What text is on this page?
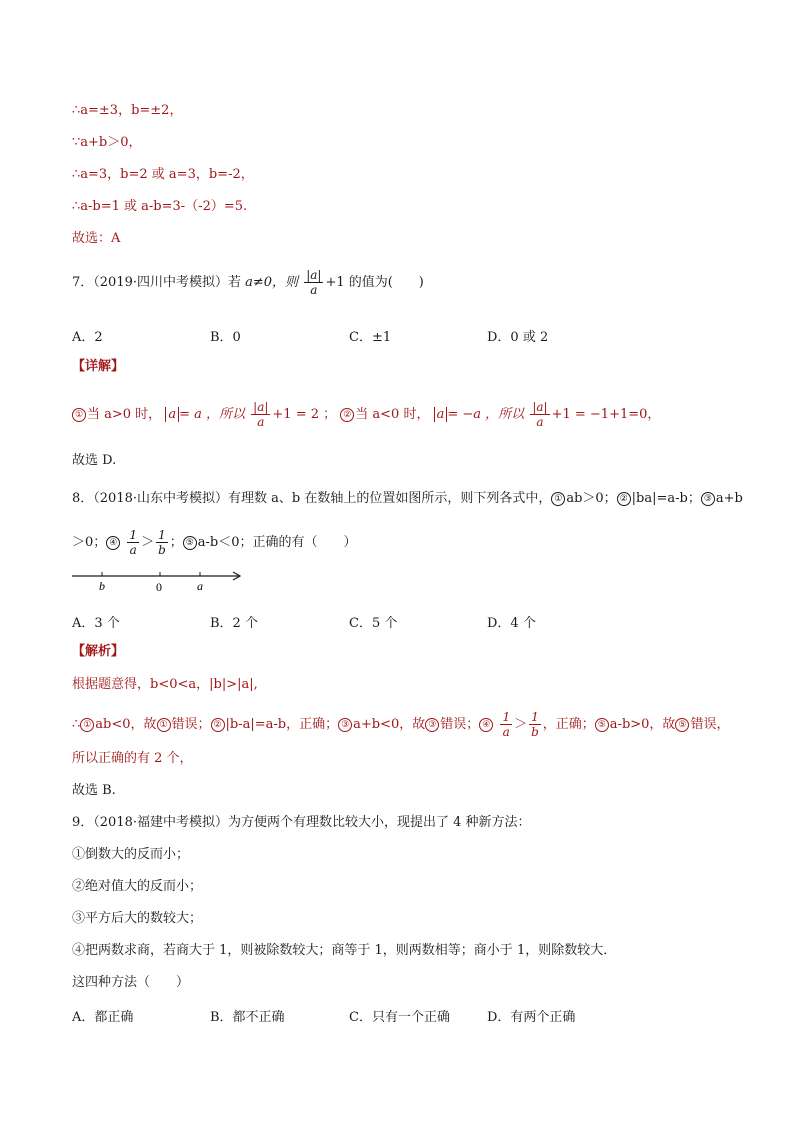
∴a=±3，b=±2，
∵a+b＞0，
∴a=3，b=2 或 a=3，b=-2，
∴a-b=1 或 a-b=3-（-2）=5.
故选：A
7．（2019·四川中考模拟）若 a≠0，则 $\frac{|a|}{a} +1$ 的值为(　　)
A．2	B．0	C．±1	D．0 或 2
【详解】
① 当 a>0 时， a = a ，所以 $\frac{|a|}{a} +1 = 2$ ； ② 当 a<0 时， a = −a ，所以 $\frac{|a|}{a} +1 = -1+1=0$，
故选 D.
8．（2018·山东中考模拟）有理数 a、b 在数轴上的位置如图所示，则下列各式中， ① ab＞0； ② |ba|=a-b； ③ a+b
＞0； ④ $\frac{1}{a} > \frac{1}{b}$ ； ⑤ a-b＜0；正确的有（　　）
b	0	a
A．3 个	B．2 个	C．5 个	D．4 个
【解析】
根据题意得，b<0<a，|b|>|a|,
∴ ① ab<0，故 ① 错误； ② |b-a|=a-b，正确； ③ a+b<0，故 ③ 错误； ④ $\frac{1}{a} > \frac{1}{b}$ ，正确； ⑤ a-b>0，故 ⑤ 错误，
所以正确的有 2 个，
故选 B.
9．（2018·福建中考模拟）为方便两个有理数比较大小，现提出了 4 种新方法：
①倒数大的反而小；
②绝对值大的反而小；
③平方后大的数较大；
④把两数求商，若商大于 1，则被除数较大；商等于 1，则两数相等；商小于 1，则除数较大．
这四种方法（　　）
A．都正确	B．都不正确	C．只有一个正确	D．有两个正确
